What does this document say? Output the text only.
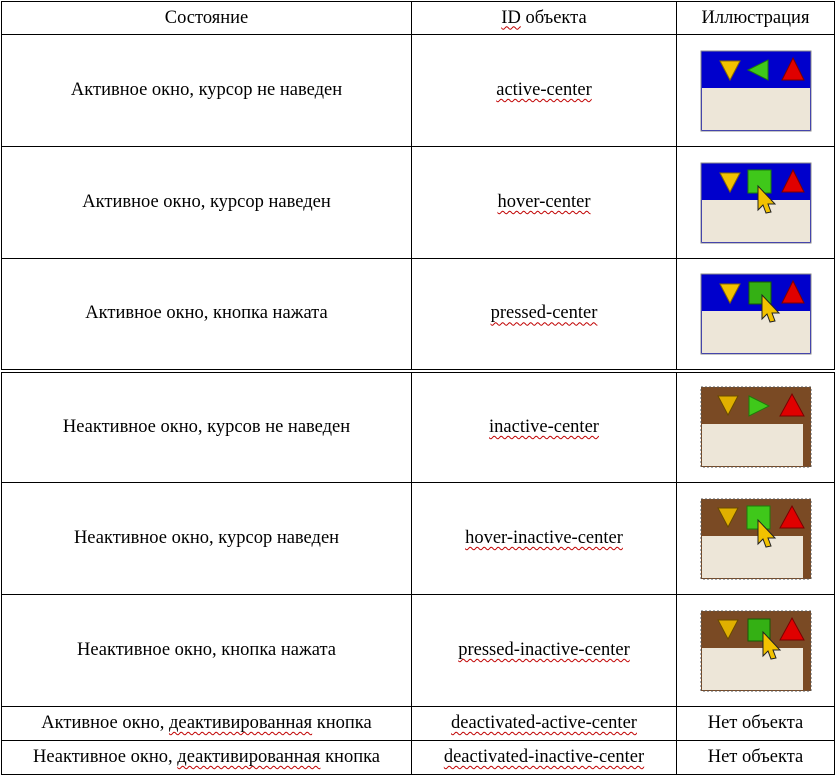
Состояние	ID объекта	Иллюстрация
Активное окно, курсор не наведен	active-center	

Активное окно, курсор наведен	hover-center	

Активное окно, кнопка нажата	pressed-center	

Неактивное окно, курсов не наведен	inactive-center	

Неактивное окно, курсор наведен	hover-inactive-center	

Неактивное окно, кнопка нажата	pressed-inactive-center	

Активное окно, деактивированная кнопка	deactivated-active-center	Нет объекта
Неактивное окно, деактивированная кнопка	deactivated-inactive-center	Нет объекта
